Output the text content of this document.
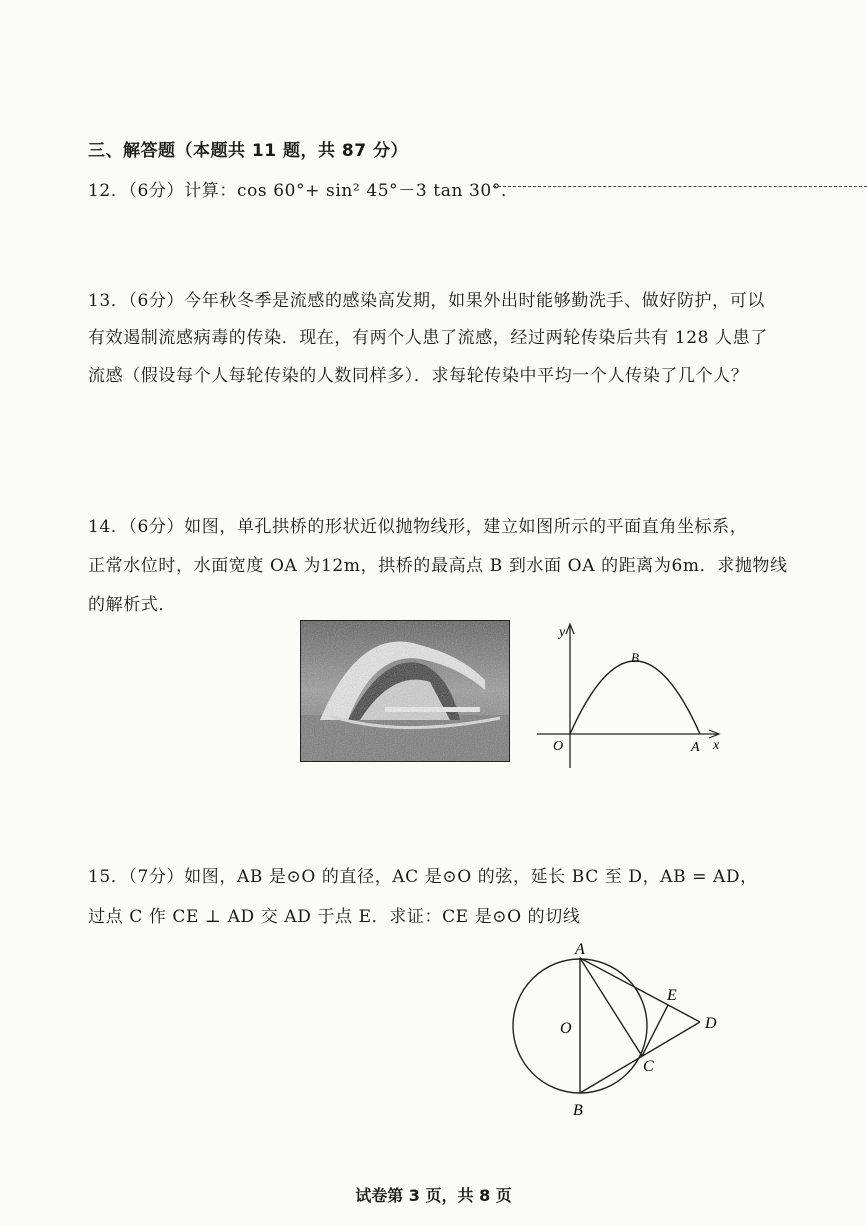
三、解答题（本题共 11 题，共 87 分）
12．（6分）计算：cos 60°+ sin² 45°－3 tan 30°．
13．（6分）今年秋冬季是流感的感染高发期，如果外出时能够勤洗手、做好防护，可以
有效遏制流感病毒的传染．现在，有两个人患了流感，经过两轮传染后共有 128 人患了
流感（假设每个人每轮传染的人数同样多）．求每轮传染中平均一个人传染了几个人？
14．（6分）如图，单孔拱桥的形状近似抛物线形，建立如图所示的平面直角坐标系，
正常水位时，水面宽度 OA 为12m，拱桥的最高点 B 到水面 OA 的距离为6m．求抛物线
的解析式．
y
x
O	A
B
15．（7分）如图，AB 是⊙O 的直径，AC 是⊙O 的弦，延长 BC 至 D，AB = AD，
过点 C 作 CE ⊥ AD 交 AD 于点 E．求证：CE 是⊙O 的切线
A
B
C
D
E
O
试卷第 3 页，共 8 页
